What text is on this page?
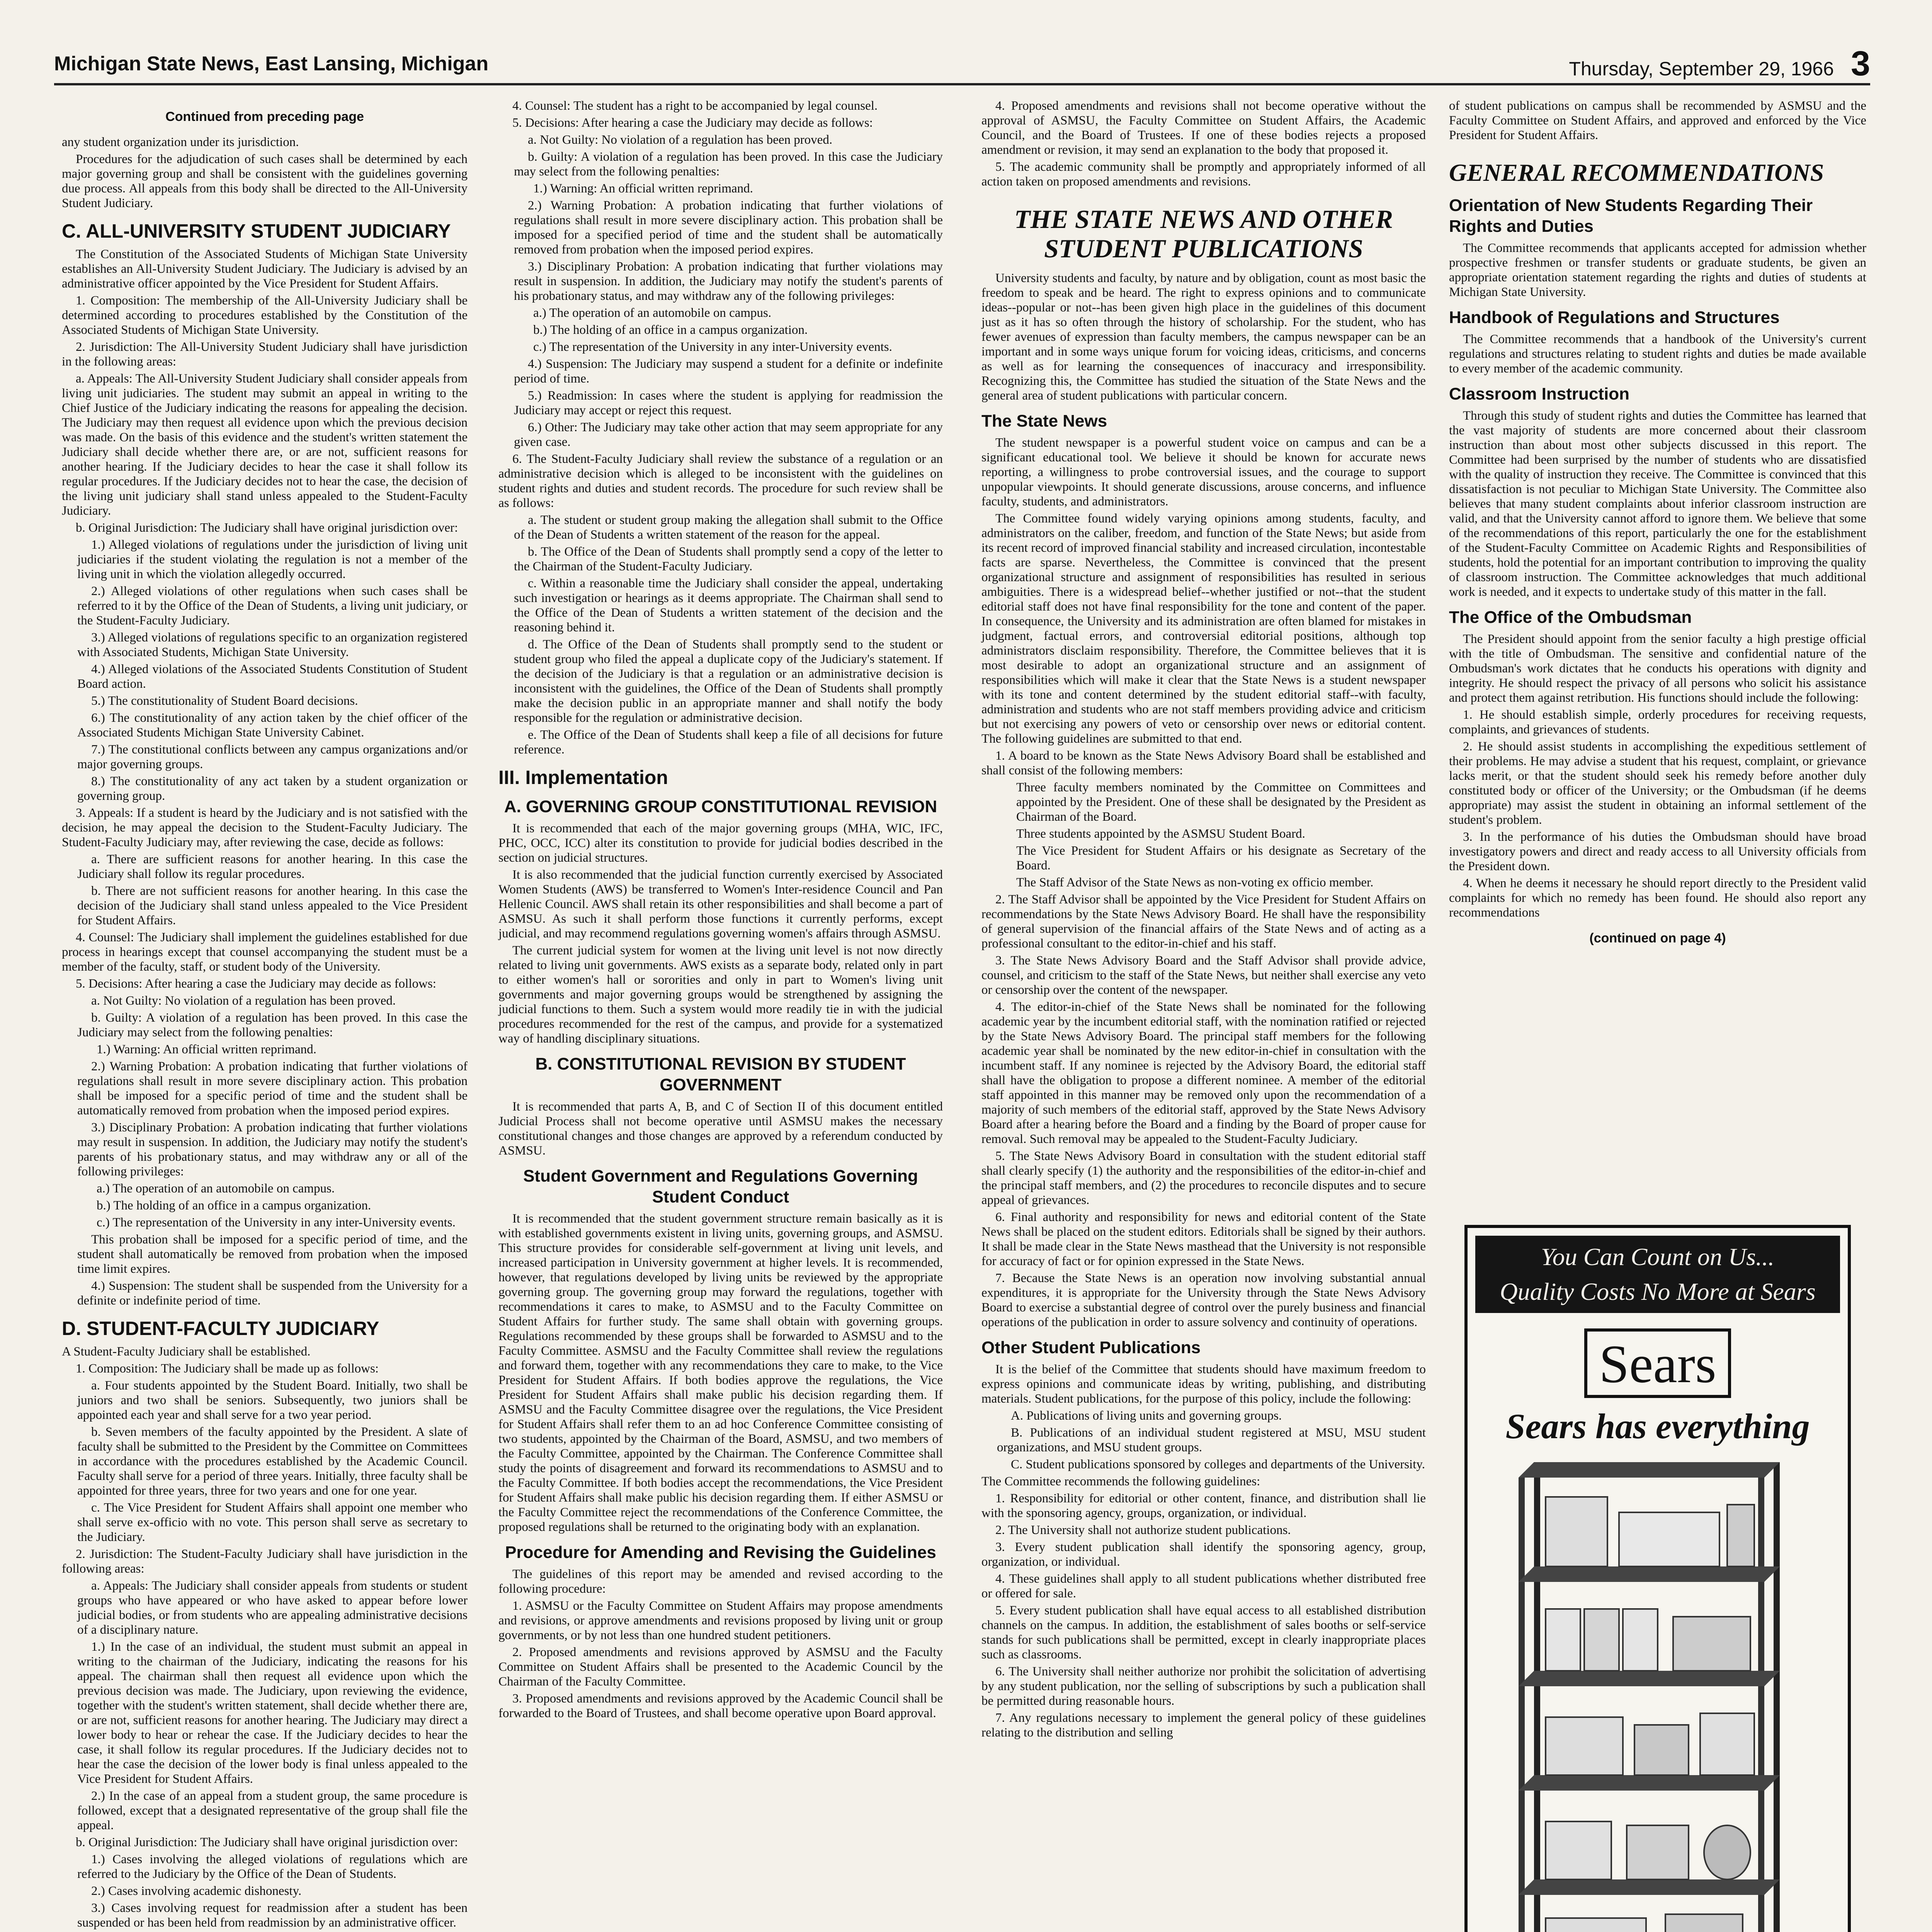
Michigan State News, East Lansing, Michigan	Thursday, September 29, 1966 3
Continued from preceding page

any student organization under its jurisdiction.

Procedures for the adjudication of such cases shall be determined by each major governing group and shall be consistent with the guidelines governing due process. All appeals from this body shall be directed to the All-University Student Judiciary.

C. ALL-UNIVERSITY STUDENT JUDICIARY

The Constitution of the Associated Students of Michigan State University establishes an All-University Student Judiciary. The Judiciary is advised by an administrative officer appointed by the Vice President for Student Affairs.

1. Composition: The membership of the All-University Judiciary shall be determined according to procedures established by the Constitution of the Associated Students of Michigan State University.

2. Jurisdiction: The All-University Student Judiciary shall have jurisdiction in the following areas:

a. Appeals: The All-University Student Judiciary shall consider appeals from living unit judiciaries. The student may submit an appeal in writing to the Chief Justice of the Judiciary indicating the reasons for appealing the decision. The Judiciary may then request all evidence upon which the previous decision was made. On the basis of this evidence and the student's written statement the Judiciary shall decide whether there are, or are not, sufficient reasons for another hearing. If the Judiciary decides to hear the case it shall follow its regular procedures. If the Judiciary decides not to hear the case, the decision of the living unit judiciary shall stand unless appealed to the Student-Faculty Judiciary.

b. Original Jurisdiction: The Judiciary shall have original jurisdiction over:

1.) Alleged violations of regulations under the jurisdiction of living unit judiciaries if the student violating the regulation is not a member of the living unit in which the violation allegedly occurred.

2.) Alleged violations of other regulations when such cases shall be referred to it by the Office of the Dean of Students, a living unit judiciary, or the Student-Faculty Judiciary.

3.) Alleged violations of regulations specific to an organization registered with Associated Students, Michigan State University.

4.) Alleged violations of the Associated Students Constitution of Student Board action.

5.) The constitutionality of Student Board decisions.

6.) The constitutionality of any action taken by the chief officer of the Associated Students Michigan State University Cabinet.

7.) The constitutional conflicts between any campus organizations and/or major governing groups.

8.) The constitutionality of any act taken by a student organization or governing group.

3. Appeals: If a student is heard by the Judiciary and is not satisfied with the decision, he may appeal the decision to the Student-Faculty Judiciary. The Student-Faculty Judiciary may, after reviewing the case, decide as follows:

a. There are sufficient reasons for another hearing. In this case the Judiciary shall follow its regular procedures.

b. There are not sufficient reasons for another hearing. In this case the decision of the Judiciary shall stand unless appealed to the Vice President for Student Affairs.

4. Counsel: The Judiciary shall implement the guidelines established for due process in hearings except that counsel accompanying the student must be a member of the faculty, staff, or student body of the University.

5. Decisions: After hearing a case the Judiciary may decide as follows:

a. Not Guilty: No violation of a regulation has been proved.

b. Guilty: A violation of a regulation has been proved. In this case the Judiciary may select from the following penalties:

1.) Warning: An official written reprimand.

2.) Warning Probation: A probation indicating that further violations of regulations shall result in more severe disciplinary action. This probation shall be imposed for a specific period of time and the student shall be automatically removed from probation when the imposed period expires.

3.) Disciplinary Probation: A probation indicating that further violations may result in suspension. In addition, the Judiciary may notify the student's parents of his probationary status, and may withdraw any or all of the following privileges:

a.) The operation of an automobile on campus.

b.) The holding of an office in a campus organization.

c.) The representation of the University in any inter-University events.

This probation shall be imposed for a specific period of time, and the student shall automatically be removed from probation when the imposed time limit expires.

4.) Suspension: The student shall be suspended from the University for a definite or indefinite period of time.

D. STUDENT-FACULTY JUDICIARY

A Student-Faculty Judiciary shall be established.

1. Composition: The Judiciary shall be made up as follows:

a. Four students appointed by the Student Board. Initially, two shall be juniors and two shall be seniors. Subsequently, two juniors shall be appointed each year and shall serve for a two year period.

b. Seven members of the faculty appointed by the President. A slate of faculty shall be submitted to the President by the Committee on Committees in accordance with the procedures established by the Academic Council. Faculty shall serve for a period of three years. Initially, three faculty shall be appointed for three years, three for two years and one for one year.

c. The Vice President for Student Affairs shall appoint one member who shall serve ex-officio with no vote. This person shall serve as secretary to the Judiciary.

2. Jurisdiction: The Student-Faculty Judiciary shall have jurisdiction in the following areas:

a. Appeals: The Judiciary shall consider appeals from students or student groups who have appeared or who have asked to appear before lower judicial bodies, or from students who are appealing administrative decisions of a disciplinary nature.

1.) In the case of an individual, the student must submit an appeal in writing to the chairman of the Judiciary, indicating the reasons for his appeal. The chairman shall then request all evidence upon which the previous decision was made. The Judiciary, upon reviewing the evidence, together with the student's written statement, shall decide whether there are, or are not, sufficient reasons for another hearing. The Judiciary may direct a lower body to hear or rehear the case. If the Judiciary decides to hear the case, it shall follow its regular procedures. If the Judiciary decides not to hear the case the decision of the lower body is final unless appealed to the Vice President for Student Affairs.

2.) In the case of an appeal from a student group, the same procedure is followed, except that a designated representative of the group shall file the appeal.

b. Original Jurisdiction: The Judiciary shall have original jurisdiction over:

1.) Cases involving the alleged violations of regulations which are referred to the Judiciary by the Office of the Dean of Students.

2.) Cases involving academic dishonesty.

3.) Cases involving request for readmission after a student has been suspended or has been held from readmission by an administrative officer.

4. Counsel: The student has a right to be accompanied by legal counsel.

5. Decisions: After hearing a case the Judiciary may decide as follows:

a. Not Guilty: No violation of a regulation has been proved.

b. Guilty: A violation of a regulation has been proved. In this case the Judiciary may select from the following penalties:

1.) Warning: An official written reprimand.

2.) Warning Probation: A probation indicating that further violations of regulations shall result in more severe disciplinary action. This probation shall be imposed for a specified period of time and the student shall be automatically removed from probation when the imposed period expires.

3.) Disciplinary Probation: A probation indicating that further violations may result in suspension. In addition, the Judiciary may notify the student's parents of his probationary status, and may withdraw any of the following privileges:

a.) The operation of an automobile on campus.

b.) The holding of an office in a campus organization.

c.) The representation of the University in any inter-University events.

4.) Suspension: The Judiciary may suspend a student for a definite or indefinite period of time.

5.) Readmission: In cases where the student is applying for readmission the Judiciary may accept or reject this request.

6.) Other: The Judiciary may take other action that may seem appropriate for any given case.

6. The Student-Faculty Judiciary shall review the substance of a regulation or an administrative decision which is alleged to be inconsistent with the guidelines on student rights and duties and student records. The procedure for such review shall be as follows:

a. The student or student group making the allegation shall submit to the Office of the Dean of Students a written statement of the reason for the appeal.

b. The Office of the Dean of Students shall promptly send a copy of the letter to the Chairman of the Student-Faculty Judiciary.

c. Within a reasonable time the Judiciary shall consider the appeal, undertaking such investigation or hearings as it deems appropriate. The Chairman shall send to the Office of the Dean of Students a written statement of the decision and the reasoning behind it.

d. The Office of the Dean of Students shall promptly send to the student or student group who filed the appeal a duplicate copy of the Judiciary's statement. If the decision of the Judiciary is that a regulation or an administrative decision is inconsistent with the guidelines, the Office of the Dean of Students shall promptly make the decision public in an appropriate manner and shall notify the body responsible for the regulation or administrative decision.

e. The Office of the Dean of Students shall keep a file of all decisions for future reference.

III. Implementation
A. GOVERNING GROUP CONSTITUTIONAL REVISION

It is recommended that each of the major governing groups (MHA, WIC, IFC, PHC, OCC, ICC) alter its constitution to provide for judicial bodies described in the section on judicial structures.

It is also recommended that the judicial function currently exercised by Associated Women Students (AWS) be transferred to Women's Inter-residence Council and Pan Hellenic Council. AWS shall retain its other responsibilities and shall become a part of ASMSU. As such it shall perform those functions it currently performs, except judicial, and may recommend regulations governing women's affairs through ASMSU.

The current judicial system for women at the living unit level is not now directly related to living unit governments. AWS exists as a separate body, related only in part to either women's hall or sororities and only in part to Women's living unit governments and major governing groups would be strengthened by assigning the judicial functions to them. Such a system would more readily tie in with the judicial procedures recommended for the rest of the campus, and provide for a systematized way of handling disciplinary situations.

B. CONSTITUTIONAL REVISION BY STUDENT GOVERNMENT

It is recommended that parts A, B, and C of Section II of this document entitled Judicial Process shall not become operative until ASMSU makes the necessary constitutional changes and those changes are approved by a referendum conducted by ASMSU.

Student Government and Regulations Governing Student Conduct

It is recommended that the student government structure remain basically as it is with established governments existent in living units, governing groups, and ASMSU. This structure provides for considerable self-government at living unit levels, and increased participation in University government at higher levels. It is recommended, however, that regulations developed by living units be reviewed by the appropriate governing group. The governing group may forward the regulations, together with recommendations it cares to make, to ASMSU and to the Faculty Committee on Student Affairs for further study. The same shall obtain with governing groups. Regulations recommended by these groups shall be forwarded to ASMSU and to the Faculty Committee. ASMSU and the Faculty Committee shall review the regulations and forward them, together with any recommendations they care to make, to the Vice President for Student Affairs. If both bodies approve the regulations, the Vice President for Student Affairs shall make public his decision regarding them. If ASMSU and the Faculty Committee disagree over the regulations, the Vice President for Student Affairs shall refer them to an ad hoc Conference Committee consisting of two students, appointed by the Chairman of the Board, ASMSU, and two members of the Faculty Committee, appointed by the Chairman. The Conference Committee shall study the points of disagreement and forward its recommendations to ASMSU and to the Faculty Committee. If both bodies accept the recommendations, the Vice President for Student Affairs shall make public his decision regarding them. If either ASMSU or the Faculty Committee reject the recommendations of the Conference Committee, the proposed regulations shall be returned to the originating body with an explanation.

Procedure for Amending and Revising the Guidelines

The guidelines of this report may be amended and revised according to the following procedure:

1. ASMSU or the Faculty Committee on Student Affairs may propose amendments and revisions, or approve amendments and revisions proposed by living unit or group governments, or by not less than one hundred student petitioners.

2. Proposed amendments and revisions approved by ASMSU and the Faculty Committee on Student Affairs shall be presented to the Academic Council by the Chairman of the Faculty Committee.

3. Proposed amendments and revisions approved by the Academic Council shall be forwarded to the Board of Trustees, and shall become operative upon Board approval.

4. Proposed amendments and revisions shall not become operative without the approval of ASMSU, the Faculty Committee on Student Affairs, the Academic Council, and the Board of Trustees. If one of these bodies rejects a proposed amendment or revision, it may send an explanation to the body that proposed it.

5. The academic community shall be promptly and appropriately informed of all action taken on proposed amendments and revisions.

THE STATE NEWS AND OTHER STUDENT PUBLICATIONS

University students and faculty, by nature and by obligation, count as most basic the freedom to speak and be heard. The right to express opinions and to communicate ideas--popular or not--has been given high place in the guidelines of this document just as it has so often through the history of scholarship. For the student, who has fewer avenues of expression than faculty members, the campus newspaper can be an important and in some ways unique forum for voicing ideas, criticisms, and concerns as well as for learning the consequences of inaccuracy and irresponsibility. Recognizing this, the Committee has studied the situation of the State News and the general area of student publications with particular concern.

The State News

The student newspaper is a powerful student voice on campus and can be a significant educational tool. We believe it should be known for accurate news reporting, a willingness to probe controversial issues, and the courage to support unpopular viewpoints. It should generate discussions, arouse concerns, and influence faculty, students, and administrators.

The Committee found widely varying opinions among students, faculty, and administrators on the caliber, freedom, and function of the State News; but aside from its recent record of improved financial stability and increased circulation, incontestable facts are sparse. Nevertheless, the Committee is convinced that the present organizational structure and assignment of responsibilities has resulted in serious ambiguities. There is a widespread belief--whether justified or not--that the student editorial staff does not have final responsibility for the tone and content of the paper. In consequence, the University and its administration are often blamed for mistakes in judgment, factual errors, and controversial editorial positions, although top administrators disclaim responsibility. Therefore, the Committee believes that it is most desirable to adopt an organizational structure and an assignment of responsibilities which will make it clear that the State News is a student newspaper with its tone and content determined by the student editorial staff--with faculty, administration and students who are not staff members providing advice and criticism but not exercising any powers of veto or censorship over news or editorial content. The following guidelines are submitted to that end.

1. A board to be known as the State News Advisory Board shall be established and shall consist of the following members:

Three faculty members nominated by the Committee on Committees and appointed by the President. One of these shall be designated by the President as Chairman of the Board.

Three students appointed by the ASMSU Student Board.

The Vice President for Student Affairs or his designate as Secretary of the Board.

The Staff Advisor of the State News as non-voting ex officio member.

2. The Staff Advisor shall be appointed by the Vice President for Student Affairs on recommendations by the State News Advisory Board. He shall have the responsibility of general supervision of the financial affairs of the State News and of acting as a professional consultant to the editor-in-chief and his staff.

3. The State News Advisory Board and the Staff Advisor shall provide advice, counsel, and criticism to the staff of the State News, but neither shall exercise any veto or censorship over the content of the newspaper.

4. The editor-in-chief of the State News shall be nominated for the following academic year by the incumbent editorial staff, with the nomination ratified or rejected by the State News Advisory Board. The principal staff members for the following academic year shall be nominated by the new editor-in-chief in consultation with the incumbent staff. If any nominee is rejected by the Advisory Board, the editorial staff shall have the obligation to propose a different nominee. A member of the editorial staff appointed in this manner may be removed only upon the recommendation of a majority of such members of the editorial staff, approved by the State News Advisory Board after a hearing before the Board and a finding by the Board of proper cause for removal. Such removal may be appealed to the Student-Faculty Judiciary.

5. The State News Advisory Board in consultation with the student editorial staff shall clearly specify (1) the authority and the responsibilities of the editor-in-chief and the principal staff members, and (2) the procedures to reconcile disputes and to secure appeal of grievances.

6. Final authority and responsibility for news and editorial content of the State News shall be placed on the student editors. Editorials shall be signed by their authors. It shall be made clear in the State News masthead that the University is not responsible for accuracy of fact or for opinion expressed in the State News.

7. Because the State News is an operation now involving substantial annual expenditures, it is appropriate for the University through the State News Advisory Board to exercise a substantial degree of control over the purely business and financial operations of the publication in order to assure solvency and continuity of operations.

Other Student Publications

It is the belief of the Committee that students should have maximum freedom to express opinions and communicate ideas by writing, publishing, and distributing materials. Student publications, for the purpose of this policy, include the following:

A. Publications of living units and governing groups.

B. Publications of an individual student registered at MSU, MSU student organizations, and MSU student groups.

C. Student publications sponsored by colleges and departments of the University.

The Committee recommends the following guidelines:

1. Responsibility for editorial or other content, finance, and distribution shall lie with the sponsoring agency, groups, organization, or individual.

2. The University shall not authorize student publications.

3. Every student publication shall identify the sponsoring agency, group, organization, or individual.

4. These guidelines shall apply to all student publications whether distributed free or offered for sale.

5. Every student publication shall have equal access to all established distribution channels on the campus. In addition, the establishment of sales booths or self-service stands for such publications shall be permitted, except in clearly inappropriate places such as classrooms.

6. The University shall neither authorize nor prohibit the solicitation of advertising by any student publication, nor the selling of subscriptions by such a publication shall be permitted during reasonable hours.

7. Any regulations necessary to implement the general policy of these guidelines relating to the distribution and selling

of student publications on campus shall be recommended by ASMSU and the Faculty Committee on Student Affairs, and approved and enforced by the Vice President for Student Affairs.

GENERAL RECOMMENDATIONS
Orientation of New Students Regarding Their Rights and Duties

The Committee recommends that applicants accepted for admission whether prospective freshmen or transfer students or graduate students, be given an appropriate orientation statement regarding the rights and duties of students at Michigan State University.

Handbook of Regulations and Structures

The Committee recommends that a handbook of the University's current regulations and structures relating to student rights and duties be made available to every member of the academic community.

Classroom Instruction

Through this study of student rights and duties the Committee has learned that the vast majority of students are more concerned about their classroom instruction than about most other subjects discussed in this report. The Committee had been surprised by the number of students who are dissatisfied with the quality of instruction they receive. The Committee is convinced that this dissatisfaction is not peculiar to Michigan State University. The Committee also believes that many student complaints about inferior classroom instruction are valid, and that the University cannot afford to ignore them. We believe that some of the recommendations of this report, particularly the one for the establishment of the Student-Faculty Committee on Academic Rights and Responsibilities of students, hold the potential for an important contribution to improving the quality of classroom instruction. The Committee acknowledges that much additional work is needed, and it expects to undertake study of this matter in the fall.

The Office of the Ombudsman

The President should appoint from the senior faculty a high prestige official with the title of Ombudsman. The sensitive and confidential nature of the Ombudsman's work dictates that he conducts his operations with dignity and integrity. He should respect the privacy of all persons who solicit his assistance and protect them against retribution. His functions should include the following:

1. He should establish simple, orderly procedures for receiving requests, complaints, and grievances of students.

2. He should assist students in accomplishing the expeditious settlement of their problems. He may advise a student that his request, complaint, or grievance lacks merit, or that the student should seek his remedy before another duly constituted body or officer of the University; or the Ombudsman (if he deems appropriate) may assist the student in obtaining an informal settlement of the student's problem.

3. In the performance of his duties the Ombudsman should have broad investigatory powers and direct and ready access to all University officials from the President down.

4. When he deems it necessary he should report directly to the President valid complaints for which no remedy has been found. He should also report any recommendations

(continued on page 4)
You Can Count on Us...
Quality Costs No More at Sears
Sears
Sears has everything
